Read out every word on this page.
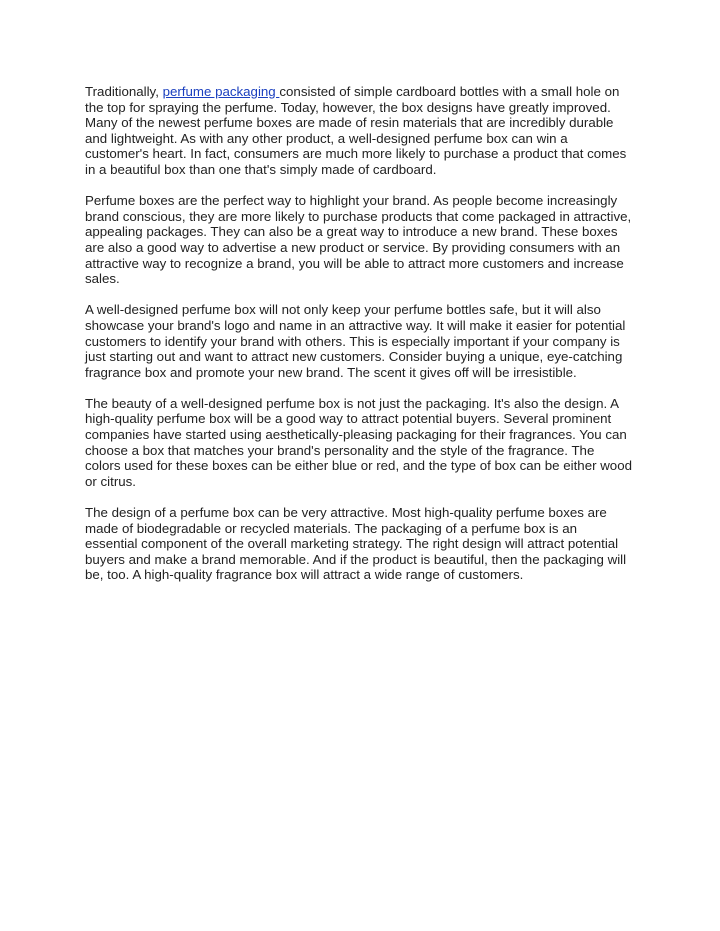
Traditionally, perfume packaging consisted of simple cardboard bottles with a small hole on the top for spraying the perfume. Today, however, the box designs have greatly improved. Many of the newest perfume boxes are made of resin materials that are incredibly durable and lightweight. As with any other product, a well-designed perfume box can win a customer's heart. In fact, consumers are much more likely to purchase a product that comes in a beautiful box than one that's simply made of cardboard.

Perfume boxes are the perfect way to highlight your brand. As people become increasingly brand conscious, they are more likely to purchase products that come packaged in attractive, appealing packages. They can also be a great way to introduce a new brand. These boxes are also a good way to advertise a new product or service. By providing consumers with an attractive way to recognize a brand, you will be able to attract more customers and increase sales.

A well-designed perfume box will not only keep your perfume bottles safe, but it will also showcase your brand's logo and name in an attractive way. It will make it easier for potential customers to identify your brand with others. This is especially important if your company is just starting out and want to attract new customers. Consider buying a unique, eye-catching fragrance box and promote your new brand. The scent it gives off will be irresistible.

The beauty of a well-designed perfume box is not just the packaging. It's also the design. A high-quality perfume box will be a good way to attract potential buyers. Several prominent companies have started using aesthetically-pleasing packaging for their fragrances. You can choose a box that matches your brand's personality and the style of the fragrance. The colors used for these boxes can be either blue or red, and the type of box can be either wood or citrus.

The design of a perfume box can be very attractive. Most high-quality perfume boxes are made of biodegradable or recycled materials. The packaging of a perfume box is an essential component of the overall marketing strategy. The right design will attract potential buyers and make a brand memorable. And if the product is beautiful, then the packaging will be, too. A high-quality fragrance box will attract a wide range of customers.
